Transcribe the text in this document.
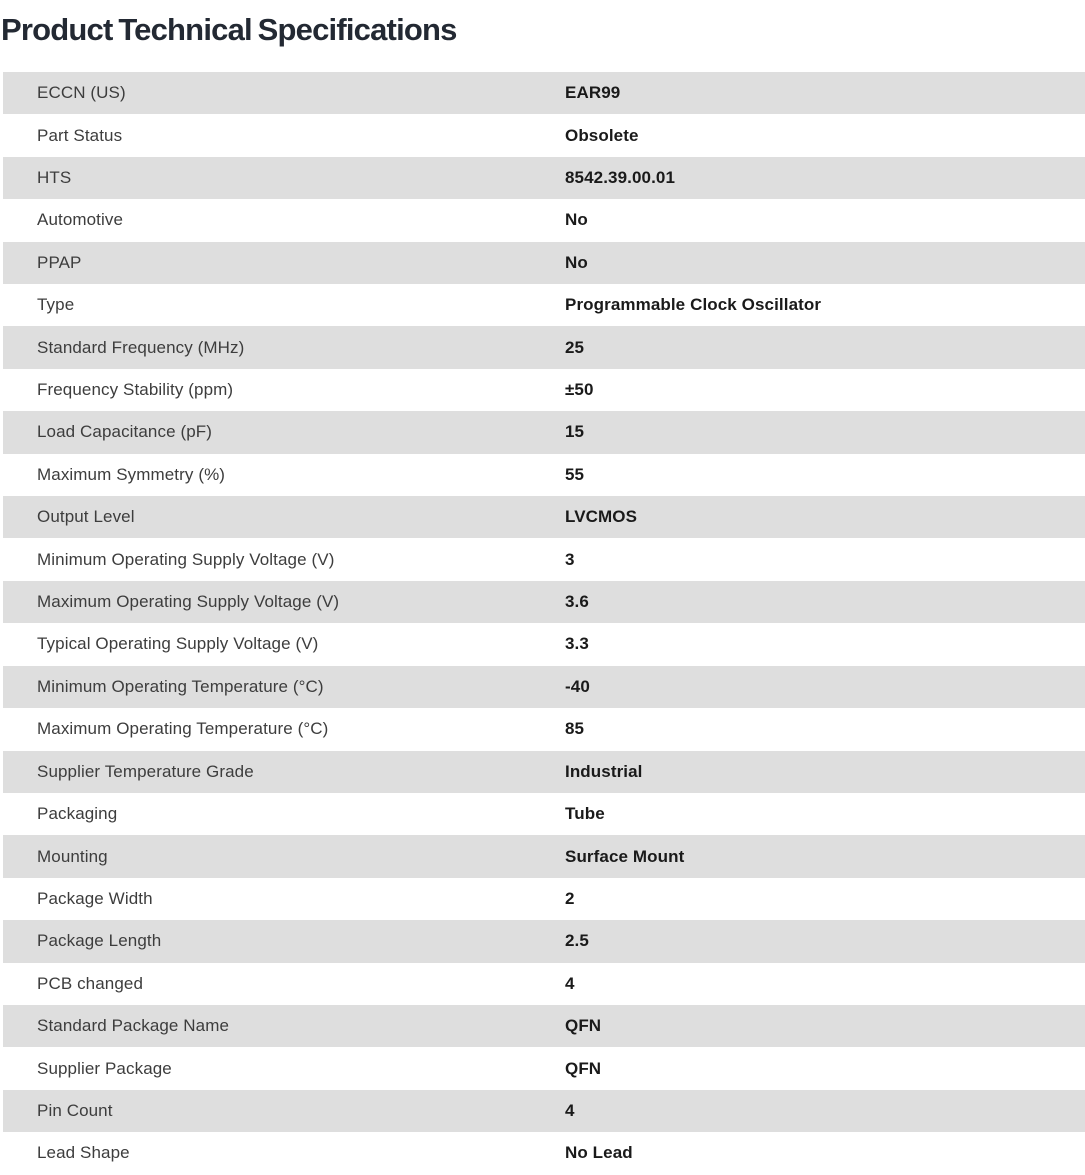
Product Technical Specifications
ECCN (US)	EAR99
Part Status	Obsolete
HTS	8542.39.00.01
Automotive	No
PPAP	No
Type	Programmable Clock Oscillator
Standard Frequency (MHz)	25
Frequency Stability (ppm)	±50
Load Capacitance (pF)	15
Maximum Symmetry (%)	55
Output Level	LVCMOS
Minimum Operating Supply Voltage (V)	3
Maximum Operating Supply Voltage (V)	3.6
Typical Operating Supply Voltage (V)	3.3
Minimum Operating Temperature (°C)	-40
Maximum Operating Temperature (°C)	85
Supplier Temperature Grade	Industrial
Packaging	Tube
Mounting	Surface Mount
Package Width	2
Package Length	2.5
PCB changed	4
Standard Package Name	QFN
Supplier Package	QFN
Pin Count	4
Lead Shape	No Lead
